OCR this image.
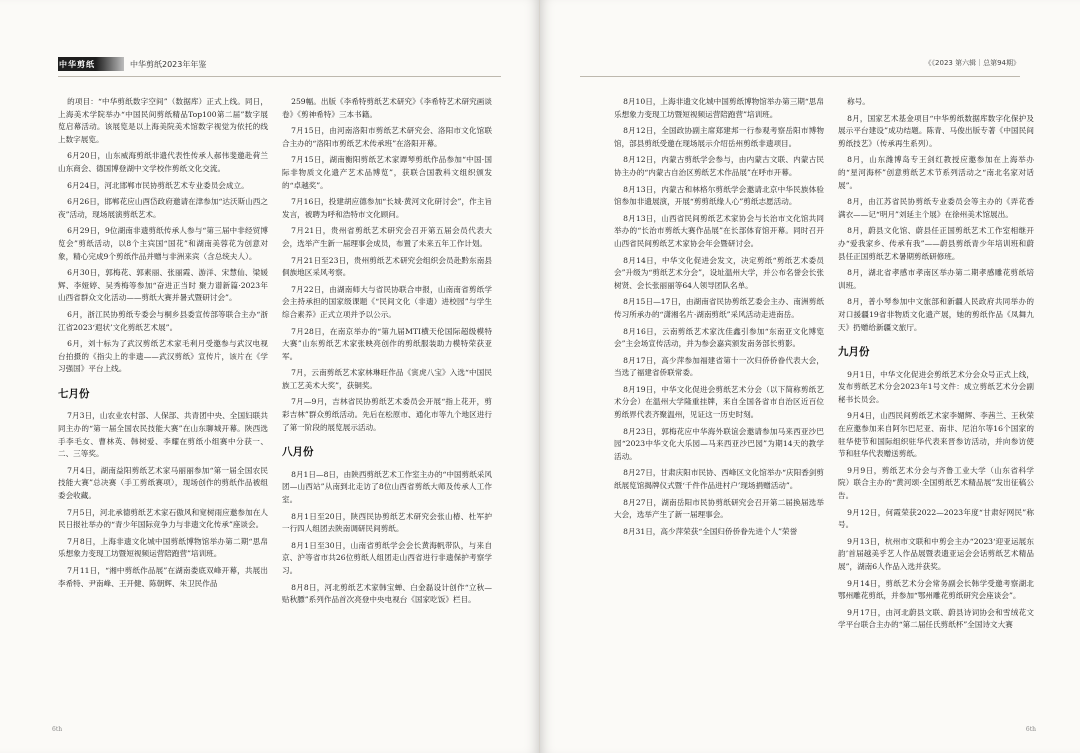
中华剪纸	中华剪纸2023年年鉴

的项目：“中华剪纸数字空间”（数据库）正式上线。同日，上海美术学院举办“中国民间剪纸精品Top100第二届”数字展览启幕活动。该展览是以上海美院美术馆数字视觉为依托的线上数字展览。

6月20日，山东威海剪纸非遗代表性传承人郝伟斐邀赴荷兰山东商会、德国博登湖中文学校作剪纸文化交流。

6月24日，河北邯郸市民协剪纸艺术专业委员会成立。

6月26日，邯郸花应山酉岱政府邀请在津参加“达沃斯山西之夜”活动，现场展演剪纸艺术。

6月29日，9位湖南非遗剪纸传承人参与“第三届中非经贸博览会”剪纸活动，以8个主宾国“国花”和湖南美蓉花为创意对象，精心完成9个剪纸作品并赠与非洲来宾（含总统夫人）。

6月30日，郭梅花、郭素丽、张丽霞、游洋、宋慧仙、梁媛辉、李娅婷、吴秀梅等参加“奋进正当时 聚力谱新篇·2023年山西省群众文化活动——剪纸大赛并暑式暨研讨会”。

6月，浙江民协剪纸专委会与桐乡县委宣传部等联合主办“浙江省2023‘遐状’文化剪纸艺术展”。

6月，刘十标为了武汉剪纸艺术家毛利月受邀参与武汉电视台拍摄的《指尖上的非遗——武汉剪纸》宣传片，该片在《学习强国》平台上线。

七月份

7月3日，山农业农村部、人保部、共青团中央、全国妇联共同主办的“第一届全国农民技能大赛”在山东聊城开幕。陕西选手李毛女、曹林英、韩树爱、李耀在剪纸小组赛中分获一、二、三等奖。

7月4日，湖南益阳剪纸艺术家马丽丽参加“第一届全国农民技能大赛”总决赛（手工剪纸赛项），现场创作的剪纸作品被组委会收藏。

7月5日，河北承德剪纸艺术家石傲风和宽树雨应邀参加在人民日报社举办的“青少年国际竞争力与非遗文化传承”座谈会。

7月8日，上海非遗文化城中国剪纸博物馆举办第二期“思帛乐想象力变现工坊暨短视频运营陪跑营”培训班。

7月11日，“湘中剪纸作品展”在湖南娄底双峰开幕，共展出李希特、尹南峰、王开健、陈朝辉、朱卫民作品

259幅。出版《李希特剪纸艺术研究》《李希特艺术研究画谈卷》《剪神希特》三本书籍。

7月15日，由河南洛阳市剪纸艺术研究会、洛阳市文化馆联合主办的“洛阳市剪纸艺术传承班”在洛阳开幕。

7月15日，湖南衡阳剪纸艺术家谭琴剪纸作品参加“中国·国际非物质文化遗产艺术品博览”，获联合国教科文组织颁发的“卓越奖”。

7月16日，投建胡应德参加“长城·黄河文化研讨会”，作主旨发言，被聘为呼和浩特市文化顾问。

7月21日，贵州省剪纸艺术研究会召开第五届会员代表大会，选举产生新一届理事会成员，布置了未来五年工作计划。

7月21日至23日，贵州剪纸艺术研究会组织会员赴黔东南县侗族地区采风考察。

7月22日，由湖南师大与省民协联合申报，山南南省剪纸学会主持承担的国家级课题《“民间文化（非遗）进校园”与学生综合素养》正式立项并予以公示。

7月28日，在南京举办的“第九届MTI横天伦国际超级模特大赛”山东剪纸艺术家张映亮创作的剪纸服装助力模特荣获亚军。

7月，云南剪纸艺术家林琳旺作品《寅虎八宝》入选“中国民族工艺美术大奖”，获铜奖。

7月—9月，吉林省民协剪纸艺术委员会开展“指上花开，剪彩吉林”群众剪纸活动。先后在松原市、通化市等九个地区进行了第一阶段的展览展示活动。

八月份

8月1日—8日，由陕西剪纸艺术工作室主办的“中国剪纸采风团—山西站”从南到北走访了8位山西省剪纸大师及传承人工作室。

8月1日至20日，陕西民协剪纸艺术研究会张山椿、杜军护一行四人组团去陕南调研民间剪纸。

8月1日至30日，山南省剪纸学会会长黄海帆带队，与来自京、沪等省市共26位剪纸人组团走山西省进行非遗保护考察学习。

8月8日，河北剪纸艺术家韩宝蝉、白金磊设计创作“立秋—贴秋膘”系列作品首次亮登中央电视台《国家吃饭》栏目。

6th
《《2023 第六辑｜总第94期》

8月10日，上海非遗文化城中国剪纸博物馆举办第三期“思帛乐想象力变现工坊暨短视频运营陪跑营”培训班。

8月12日，全国政协副主席郑建邦一行参观考察岳阳市博物馆，部县剪纸受邀在现场展示介绍岳州剪纸非遗项目。

8月12日，内蒙古剪纸学会参与，由内蒙古文联、内蒙古民协主办的“内蒙古自治区剪纸艺术作品展”在呼市开幕。

8月13日，内蒙古和林格尔剪纸学会邀请北京中华民族体验馆参加非遗展演，开展“剪剪纸缘人心”剪纸志愿活动。

8月13日，山西省民间剪纸艺术家协会与长治市文化馆共同举办的“长治市剪纸大赛作品展”在长部体育馆开幕。同时召开山西省民间剪纸艺术家协会年会暨研讨会。

8月14日，中华文化促进会发文，决定剪纸“剪纸艺术委员会”升级为“剪纸艺术分会”，设址温州大学，并公布名誉会长张树贤、会长张丽丽等64人领导团队名单。

8月15日—17日，由湖南省民协剪纸艺委会主办、南洲剪纸传习所承办的“潇湘名片·湖南剪纸”采风活动走进南岳。

8月16日，云南剪纸艺术家沈佳鑫引参加“东南亚文化博览会”主会场宣传活动，并为参会嘉宾颁发南务部长剪影。

8月17日，高少萍参加福建省第十一次归侨侨眷代表大会，当选了福建省侨联常委。

8月19日，中华文化促进会剪纸艺术分会（以下简称剪纸艺术分会）在温州大学隆重挂牌，来自全国各省市自治区近百位剪纸界代表齐聚温州，见证这一历史时刻。

8月23日，郭梅花应中华海外联谊会邀请参加马来西亚沙巴园“2023中华文化大乐园—马来西亚沙巴园”为期14天的教学活动。

8月27日，甘肃庆阳市民协、西峰区文化馆举办“庆阳香剑剪纸展览馆揭牌仪式暨‘千件作品进村户’现场捐赠活动”。

8月27日，湖南岳阳市民协剪纸研究会召开第二届换届选举大会，选举产生了新一届理事会。

8月31日，高少萍荣获“全国归侨侨眷先进个人”荣誉

称号。

8月，国家艺术基金项目“中华剪纸数据库数字化保护及展示平台建设”成功结题。陈青、马俊出版专著《中国民间剪纸技艺》（传承再生系列）。

8月，山东潍博岛专王剑红教授应邀参加在上海举办的“星河海杯”创意剪纸艺术节系列活动之“南北名家对话展”。

8月，由江苏省民协剪纸专业委员会等主办的《弄花香满衣——记“明月”刘延主个展》在徐州美术馆展出。

8月，蔚县文化馆、蔚县任正国剪纸艺术工作室相继开办“爱我家乡、传承有我”——蔚县剪纸青少年培训班和蔚县任正国剪纸艺术暑期剪纸研修班。

8月，湖北省孝感市孝南区举办第二期孝感雕花剪纸培训班。

8月，普小琴参加中文旅部和新疆人民政府共同举办的对口援疆19省非物质文化遗产展，她的剪纸作品《凤舞九天》扔赠给新疆文旅厅。

九月份

9月1日，中华文化促进会剪纸艺术分会众号正式上线，发布剪纸艺术分会2023年1号文件：成立剪纸艺术分会副秘书长员会。

9月4日，山西民间剪纸艺术家李媚辉、李茜兰、王秋荣在应邀参加来自阿尔巴尼亚、南非、尼泊尔等16个国家的驻华使节和国际组织驻华代表来晋参访活动，并向参访使节和驻华代表赠送剪纸。

9月9日，剪纸艺术分会与齐鲁工业大学（山东省科学院）联合主办的“黄河颂·全国剪纸艺术精品展”发出征稿公告。

9月12日，何霞荣获2022—2023年度“甘肃好网民”称号。

9月13日，杭州市文联和中剪会主办“2023‘迎亚运展东韵’首届越美乎艺人作品展暨表遗亚运会会话剪纸艺术精品展”，湖南6人作品入选并获奖。

9月14日，剪纸艺术分会常务副会长韩学受邀考察湖北鄂州雕花剪纸，并参加“鄂州雕花剪纸研究会座谈会”。

9月17日，由河北蔚县文联、蔚县诗词协会和雪绒花文学平台联合主办的“第二届任氏剪纸杯”全国诗文大赛

6th
